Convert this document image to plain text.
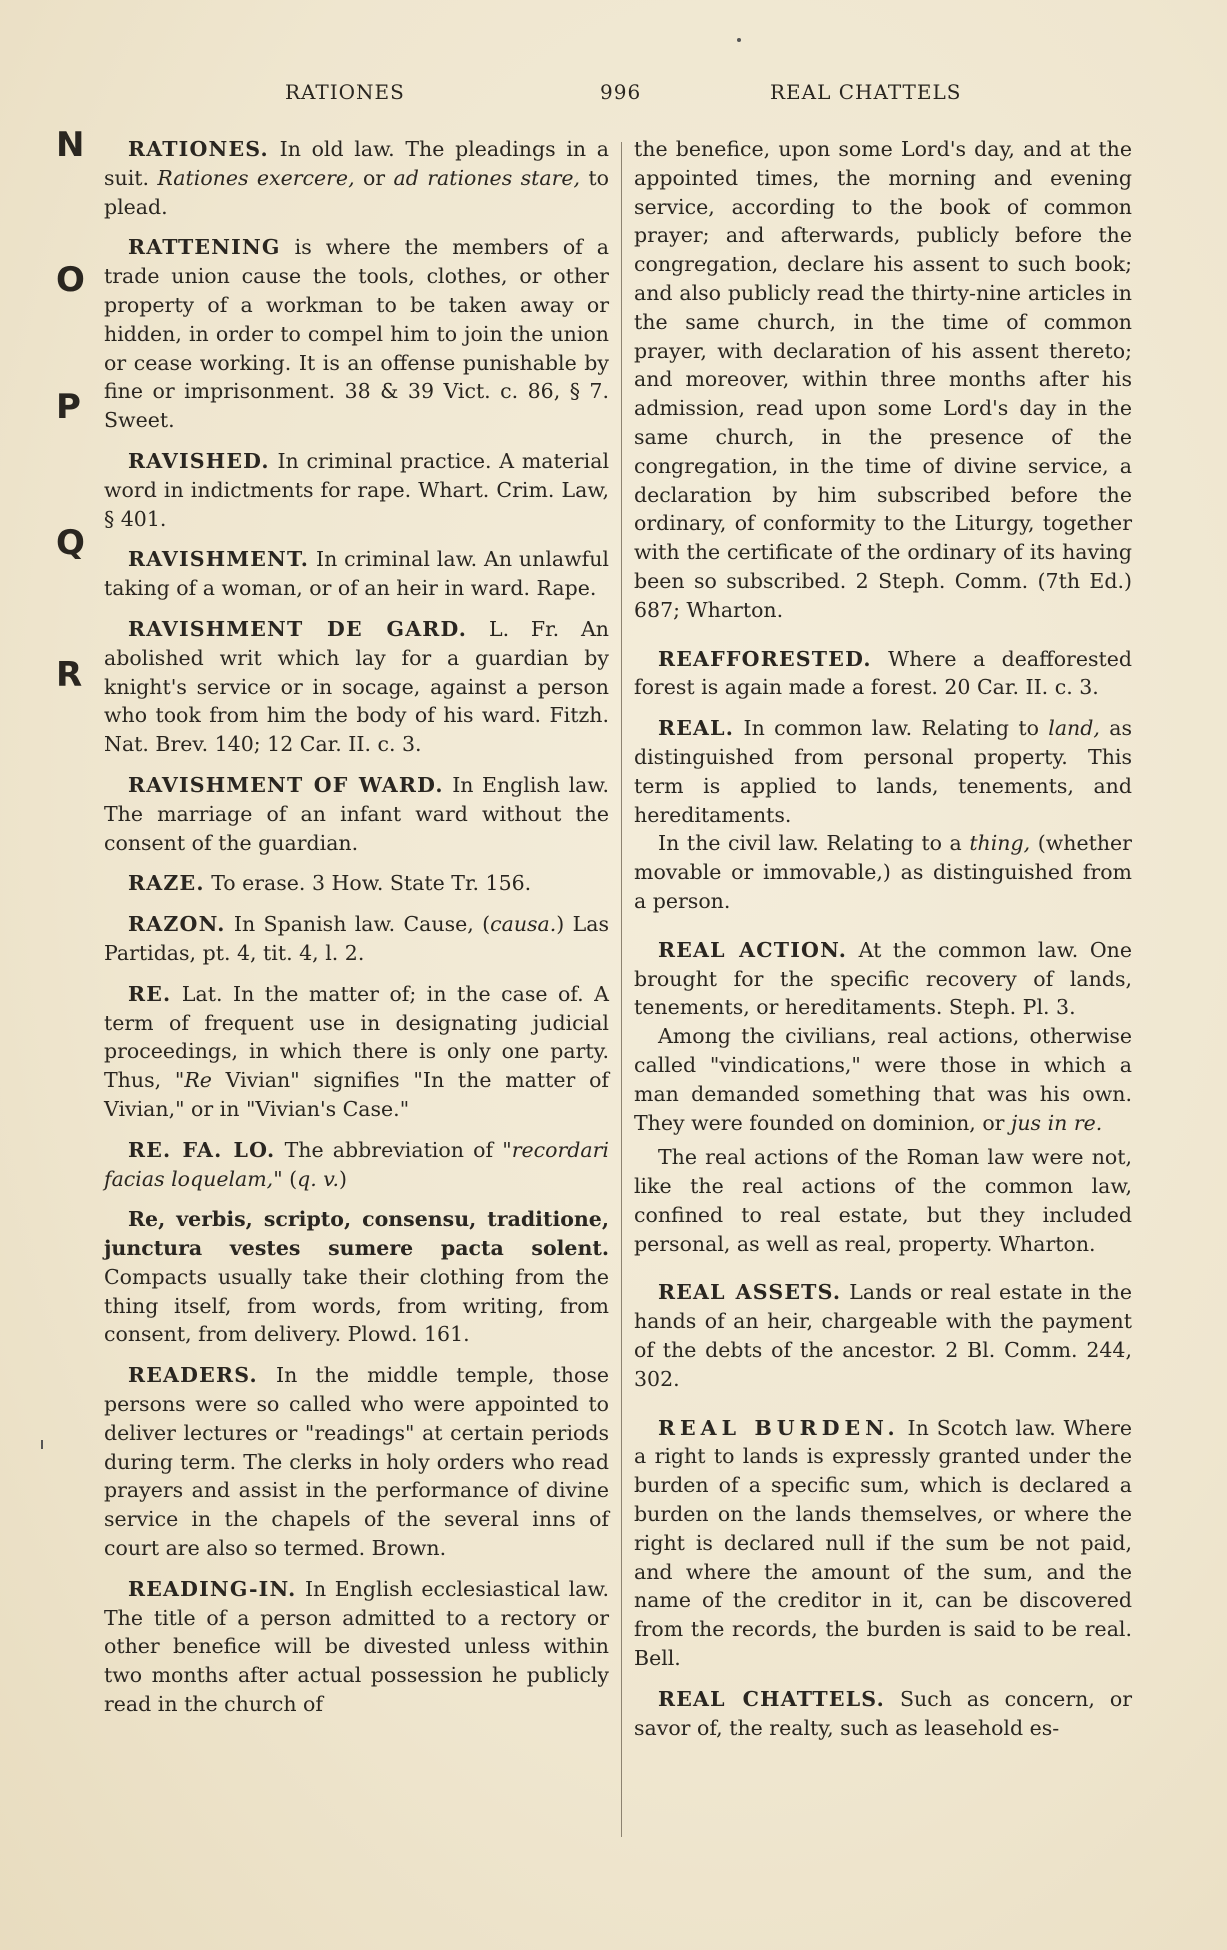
RATIONES	996	REAL CHATTELS
N
O
P
Q
R

RATIONES. In old law. The pleadings in a suit. Rationes exercere, or ad rationes stare, to plead.

RATTENING is where the members of a trade union cause the tools, clothes, or other property of a workman to be taken away or hidden, in order to compel him to join the union or cease working. It is an offense punishable by fine or imprisonment. 38 & 39 Vict. c. 86, § 7. Sweet.

RAVISHED. In criminal practice. A material word in indictments for rape. Whart. Crim. Law, § 401.

RAVISHMENT. In criminal law. An unlawful taking of a woman, or of an heir in ward. Rape.

RAVISHMENT DE GARD. L. Fr. An abolished writ which lay for a guardian by knight's service or in socage, against a person who took from him the body of his ward. Fitzh. Nat. Brev. 140; 12 Car. II. c. 3.

RAVISHMENT OF WARD. In English law. The marriage of an infant ward without the consent of the guardian.

RAZE. To erase. 3 How. State Tr. 156.

RAZON. In Spanish law. Cause, (causa.) Las Partidas, pt. 4, tit. 4, l. 2.

RE. Lat. In the matter of; in the case of. A term of frequent use in designating judicial proceedings, in which there is only one party. Thus, "Re Vivian" signifies "In the matter of Vivian," or in "Vivian's Case."

RE. FA. LO. The abbreviation of "recordari facias loquelam," (q. v.)

Re, verbis, scripto, consensu, traditione, junctura vestes sumere pacta solent. Compacts usually take their clothing from the thing itself, from words, from writing, from consent, from delivery. Plowd. 161.

READERS. In the middle temple, those persons were so called who were appointed to deliver lectures or "readings" at certain periods during term. The clerks in holy orders who read prayers and assist in the performance of divine service in the chapels of the several inns of court are also so termed. Brown.

READING-IN. In English ecclesiastical law. The title of a person admitted to a rectory or other benefice will be divested unless within two months after actual possession he publicly read in the church of

the benefice, upon some Lord's day, and at the appointed times, the morning and evening service, according to the book of common prayer; and afterwards, publicly before the congregation, declare his assent to such book; and also publicly read the thirty-nine articles in the same church, in the time of common prayer, with declaration of his assent thereto; and moreover, within three months after his admission, read upon some Lord's day in the same church, in the presence of the congregation, in the time of divine service, a declaration by him subscribed before the ordinary, of conformity to the Liturgy, together with the certificate of the ordinary of its having been so subscribed. 2 Steph. Comm. (7th Ed.) 687; Wharton.

REAFFORESTED. Where a deafforested forest is again made a forest. 20 Car. II. c. 3.

REAL. In common law. Relating to land, as distinguished from personal property. This term is applied to lands, tenements, and hereditaments.

In the civil law. Relating to a thing, (whether movable or immovable,) as distinguished from a person.

REAL ACTION. At the common law. One brought for the specific recovery of lands, tenements, or hereditaments. Steph. Pl. 3.

Among the civilians, real actions, otherwise called "vindications," were those in which a man demanded something that was his own. They were founded on dominion, or jus in re.

The real actions of the Roman law were not, like the real actions of the common law, confined to real estate, but they included personal, as well as real, property. Wharton.

REAL ASSETS. Lands or real estate in the hands of an heir, chargeable with the payment of the debts of the ancestor. 2 Bl. Comm. 244, 302.

REAL BURDEN. In Scotch law. Where a right to lands is expressly granted under the burden of a specific sum, which is declared a burden on the lands themselves, or where the right is declared null if the sum be not paid, and where the amount of the sum, and the name of the creditor in it, can be discovered from the records, the burden is said to be real. Bell.

REAL CHATTELS. Such as concern, or savor of, the realty, such as leasehold es-
